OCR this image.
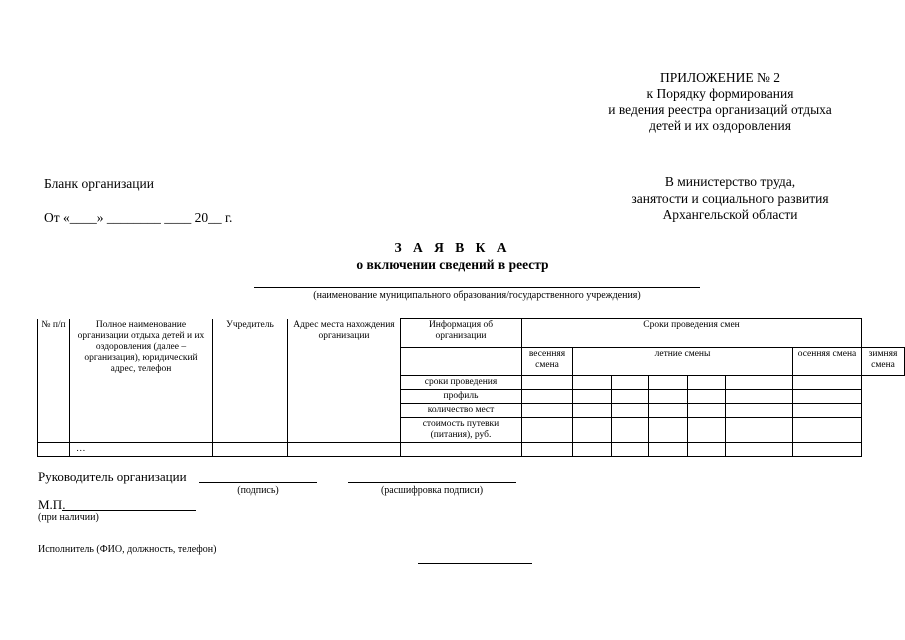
ПРИЛОЖЕНИЕ № 2
к Порядку формирования
и ведения реестра организаций отдыха
детей и их оздоровления
Бланк организации
От «____» ________ ____ 20__ г.
В министерство труда,
занятости и социального развития
Архангельской области
З А Я В К А
о включении сведений в реестр
(наименование муниципального образования/государственного учреждения)
№ п/п	Полное наименование организации отдыха детей и их оздоровления (далее – организация), юридический адрес, телефон	Учредитель	Адрес места нахождения организации	Информация об организации	Сроки проведения смен							
					весенняя смена	летние смены					осенняя смена	зимняя смена
				сроки проведения								
				профиль								
				количество мест								
				стоимость путевки (питания), руб.								
	…											
Руководитель организации
(подпись)	(расшифровка подписи)
М.П.
(при наличии)
Исполнитель (ФИО, должность, телефон)
